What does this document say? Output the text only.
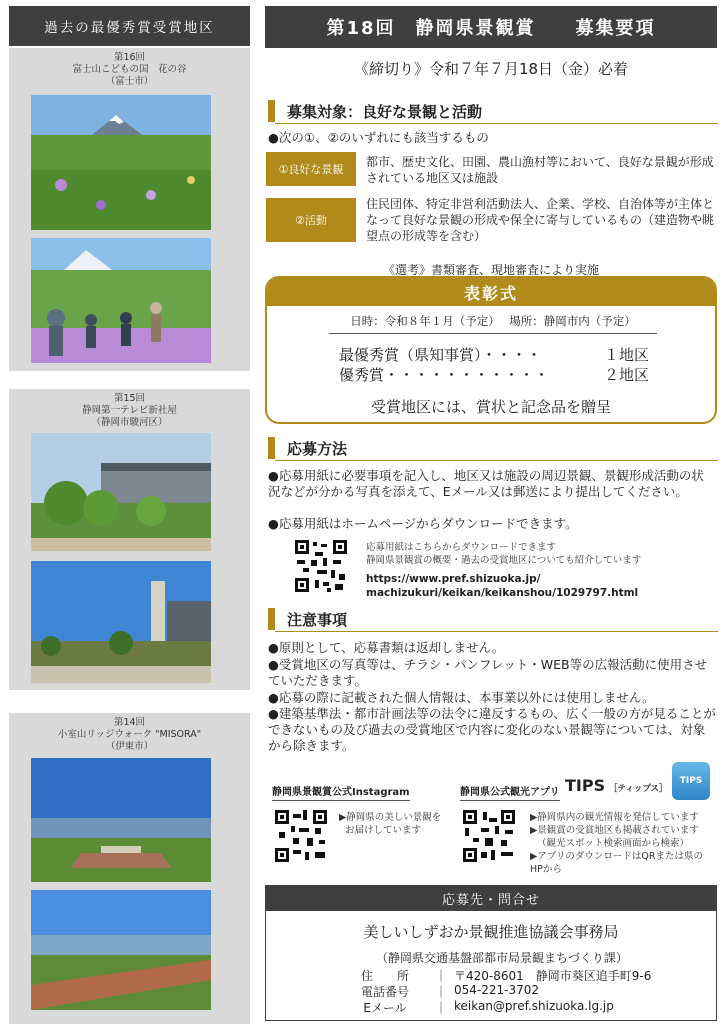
過去の最優秀賞受賞地区
第16回
富士山こどもの国　花の谷
（富士市）
第15回
静岡第一テレビ新社屋
（静岡市駿河区）
第14回
小室山リッジウォーク "MISORA"
（伊東市）
第18回　静岡県景観賞　　募集要項
《締切り》令和７年７月18日（金）必着
募集対象：良好な景観と活動
●次の①、②のいずれにも該当するもの
①良好な景観
都市、歴史文化、田園、農山漁村等において、良好な景観が形成されている地区又は施設
②活動
住民団体、特定非営利活動法人、企業、学校、自治体等が主体となって良好な景観の形成や保全に寄与しているもの（建造物や眺望点の形成等を含む）
《選考》書類審査、現地審査により実施
表彰式
日時：令和８年１月（予定）　 場所：静岡市内（予定）
最優秀賞（県知事賞）・・・・	１地区
優秀賞・・・・・・・・・・・	２地区
受賞地区には、賞状と記念品を贈呈
応募方法
●応募用紙に必要事項を記入し、地区又は施設の周辺景観、景観形成活動の状況などが分かる写真を添えて、Eメール又は郵送により提出してください。
●応募用紙はホームページからダウンロードできます。
応募用紙はこちらからダウンロードできます
静岡県景観賞の概要・過去の受賞地区についても紹介しています
https://www.pref.shizuoka.jp/
machizukuri/keikan/keikanshou/1029797.html
注意事項
●原則として、応募書類は返却しません。
●受賞地区の写真等は、チラシ・パンフレット・WEB等の広報活動に使用させていただきます。
●応募の際に記載された個人情報は、本事業以外には使用しません。
●建築基準法・都市計画法等の法令に違反するもの、広く一般の方が見ることができないもの及び過去の受賞地区で内容に変化のない景観等については、対象から除きます。
静岡県景観賞公式Instagram
▶静岡県の美しい景観を
お届けしています
静岡県公式観光アプリ TIPS ［ティップス］
TIPS
▶静岡県内の観光情報を発信しています
▶景観賞の受賞地区も掲載されています
（観光スポット検索画面から検索）
▶アプリのダウンロードはQRまたは県のHPから
応募先・問合せ
美しいしずおか景観推進協議会事務局
（静岡県交通基盤部都市局景観まちづくり課）
住　　所	｜ 〒420-8601　静岡市葵区追手町9-6
電話番号	｜ 054-221-3702
Eメール	｜ keikan@pref.shizuoka.lg.jp
